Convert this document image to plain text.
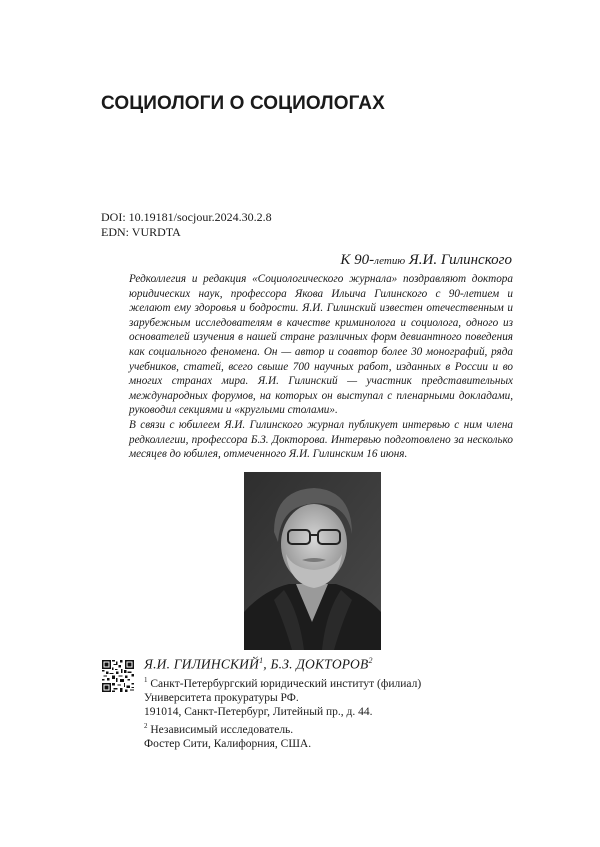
СОЦИОЛОГИ О СОЦИОЛОГАХ
DOI: 10.19181/socjour.2024.30.2.8
EDN: VURDTA
К 90-летию Я.И. Гилинского

Редколлегия и редакция «Социологического журнала» поздравляют доктора юридических наук, профессора Якова Ильича Гилинского с 90-летием и желают ему здоровья и бодрости. Я.И. Гилинский известен отечественным и зарубежным исследователям в качестве криминолога и социолога, одного из основателей изучения в нашей стране различных форм девиантного поведения как социального феномена. Он — автор и соавтор более 30 монографий, ряда учебников, статей, всего свыше 700 научных работ, изданных в России и во многих странах мира. Я.И. Гилинский — участник представительных международных форумов, на которых он выступал с пленарными докладами, руководил секциями и «круглыми столами».

В связи с юбилеем Я.И. Гилинского журнал публикует интервью с ним члена редколлегии, профессора Б.З. Докторова. Интервью подготовлено за несколько месяцев до юбилея, отмеченного Я.И. Гилинским 16 июня.

Я.И. ГИЛИНСКИЙ$^1$, Б.З. ДОКТОРОВ$^2$
$^1$ Санкт-Петербургский юридический институт (филиал)
Университета прокуратуры РФ.
191014, Санкт-Петербург, Литейный пр., д. 44.
$^2$ Независимый исследователь.
Фостер Сити, Калифорния, США.
